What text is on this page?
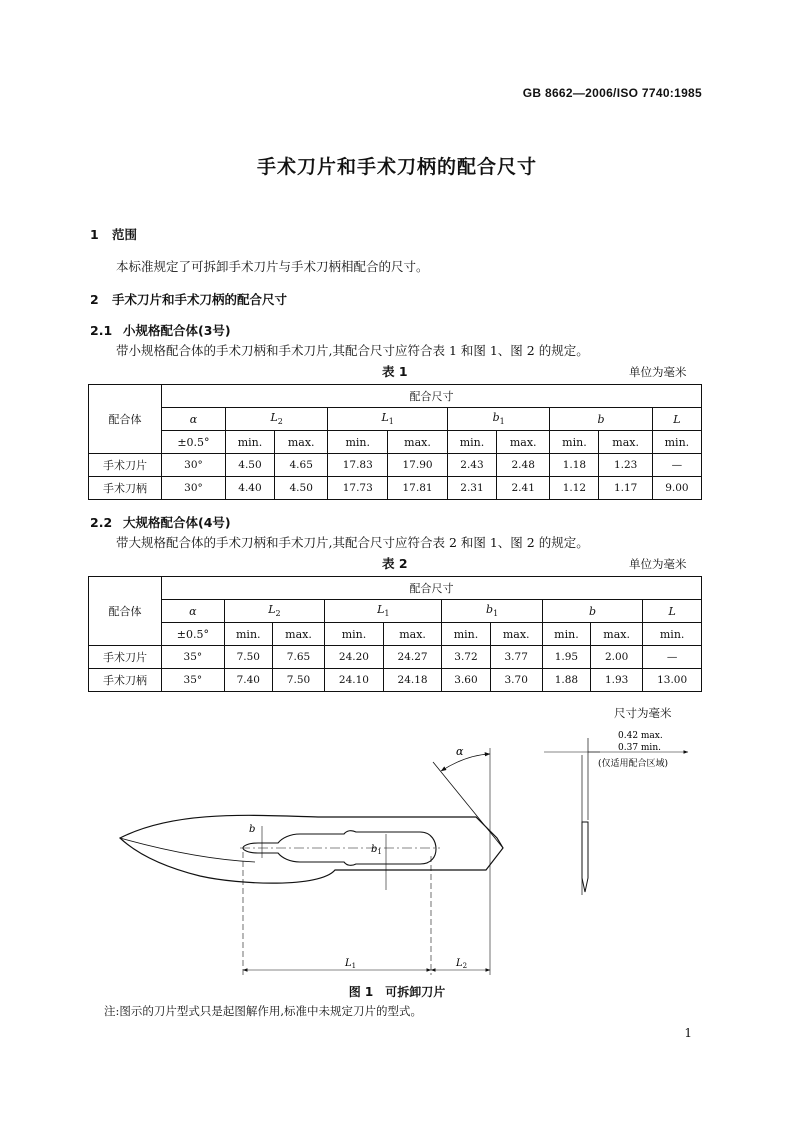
GB 8662—2006/ISO 7740:1985
手术刀片和手术刀柄的配合尺寸
1 范围
本标准规定了可拆卸手术刀片与手术刀柄相配合的尺寸。
2 手术刀片和手术刀柄的配合尺寸
2.1 小规格配合体(3号)
带小规格配合体的手术刀柄和手术刀片,其配合尺寸应符合表 1 和图 1、图 2 的规定。
表 1	单位为毫米
配合体	配合尺寸									
	α	$L_2$		$L_1$		$b_1$		b		L
	±0.5°	min.	max.	min.	max.	min.	max.	min.	max.	min.
手术刀片	30°	4.50	4.65	17.83	17.90	2.43	2.48	1.18	1.23	—
手术刀柄	30°	4.40	4.50	17.73	17.81	2.31	2.41	1.12	1.17	9.00
2.2 大规格配合体(4号)
带大规格配合体的手术刀柄和手术刀片,其配合尺寸应符合表 2 和图 1、图 2 的规定。
表 2	单位为毫米
配合体	配合尺寸									
	α	$L_2$		$L_1$		$b_1$		b		L
	±0.5°	min.	max.	min.	max.	min.	max.	min.	max.	min.
手术刀片	35°	7.50	7.65	24.20	24.27	3.72	3.77	1.95	2.00	—
手术刀柄	35°	7.40	7.50	24.10	24.18	3.60	3.70	1.88	1.93	13.00
尺寸为毫米
α
b
$b_1$
$L_1$	$L_2$
0.42 max.
0.37 min.
(仅适用配合区域)
图 1　可拆卸刀片
注:图示的刀片型式只是起图解作用,标准中未规定刀片的型式。
1
